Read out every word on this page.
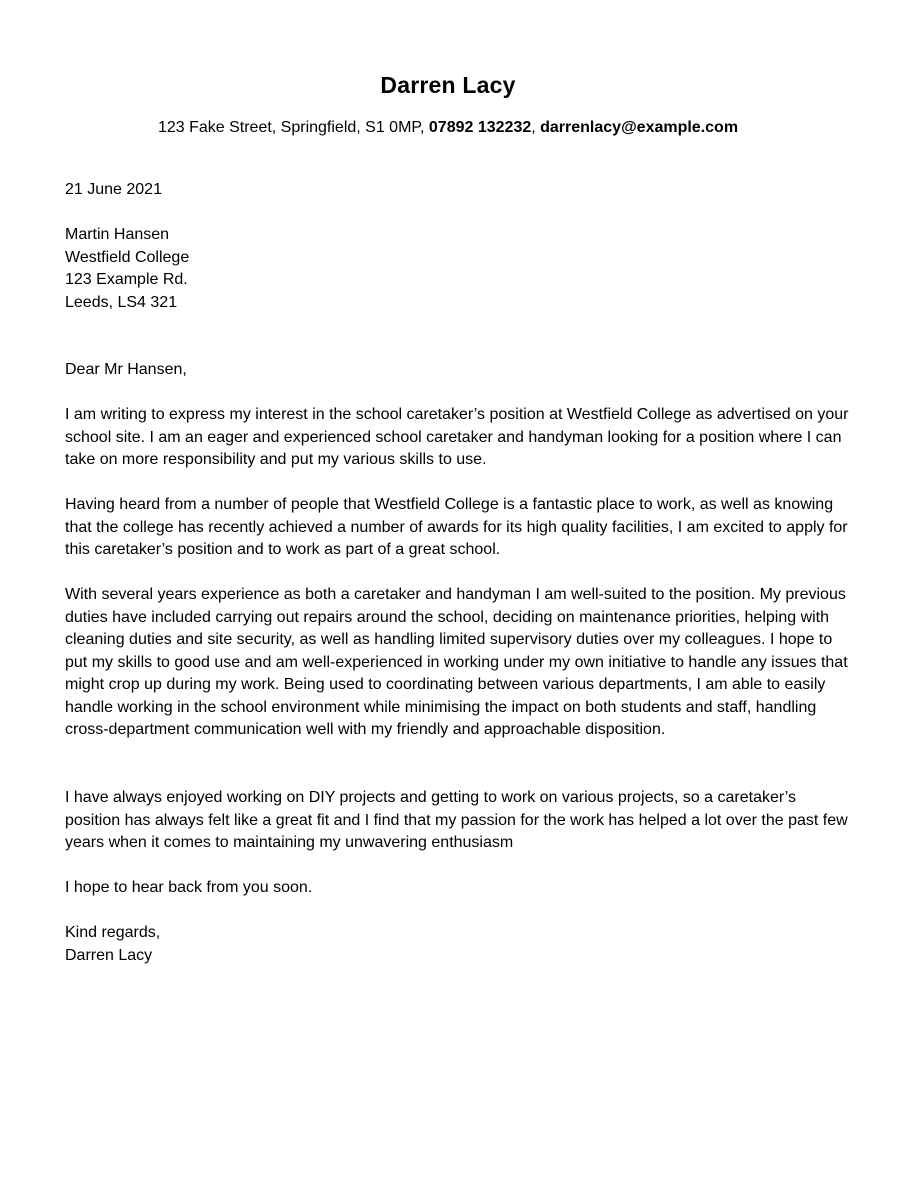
Darren Lacy
123 Fake Street, Springfield, S1 0MP, 07892 132232, darrenlacy@example.com
21 June 2021
Martin Hansen
Westfield College
123 Example Rd.
Leeds, LS4 321
Dear Mr Hansen,
I am writing to express my interest in the school caretaker’s position at Westfield College as advertised on your school site. I am an eager and experienced school caretaker and handyman looking for a position where I can take on more responsibility and put my various skills to use.
Having heard from a number of people that Westfield College is a fantastic place to work, as well as knowing that the college has recently achieved a number of awards for its high quality facilities, I am excited to apply for this caretaker’s position and to work as part of a great school.
With several years experience as both a caretaker and handyman I am well-suited to the position. My previous duties have included carrying out repairs around the school, deciding on maintenance priorities, helping with cleaning duties and site security, as well as handling limited supervisory duties over my colleagues. I hope to put my skills to good use and am well-experienced in working under my own initiative to handle any issues that might crop up during my work. Being used to coordinating between various departments, I am able to easily handle working in the school environment while minimising the impact on both students and staff, handling cross-department communication well with my friendly and approachable disposition.
I have always enjoyed working on DIY projects and getting to work on various projects, so a caretaker’s position has always felt like a great fit and I find that my passion for the work has helped a lot over the past few years when it comes to maintaining my unwavering enthusiasm
I hope to hear back from you soon.
Kind regards,
Darren Lacy
